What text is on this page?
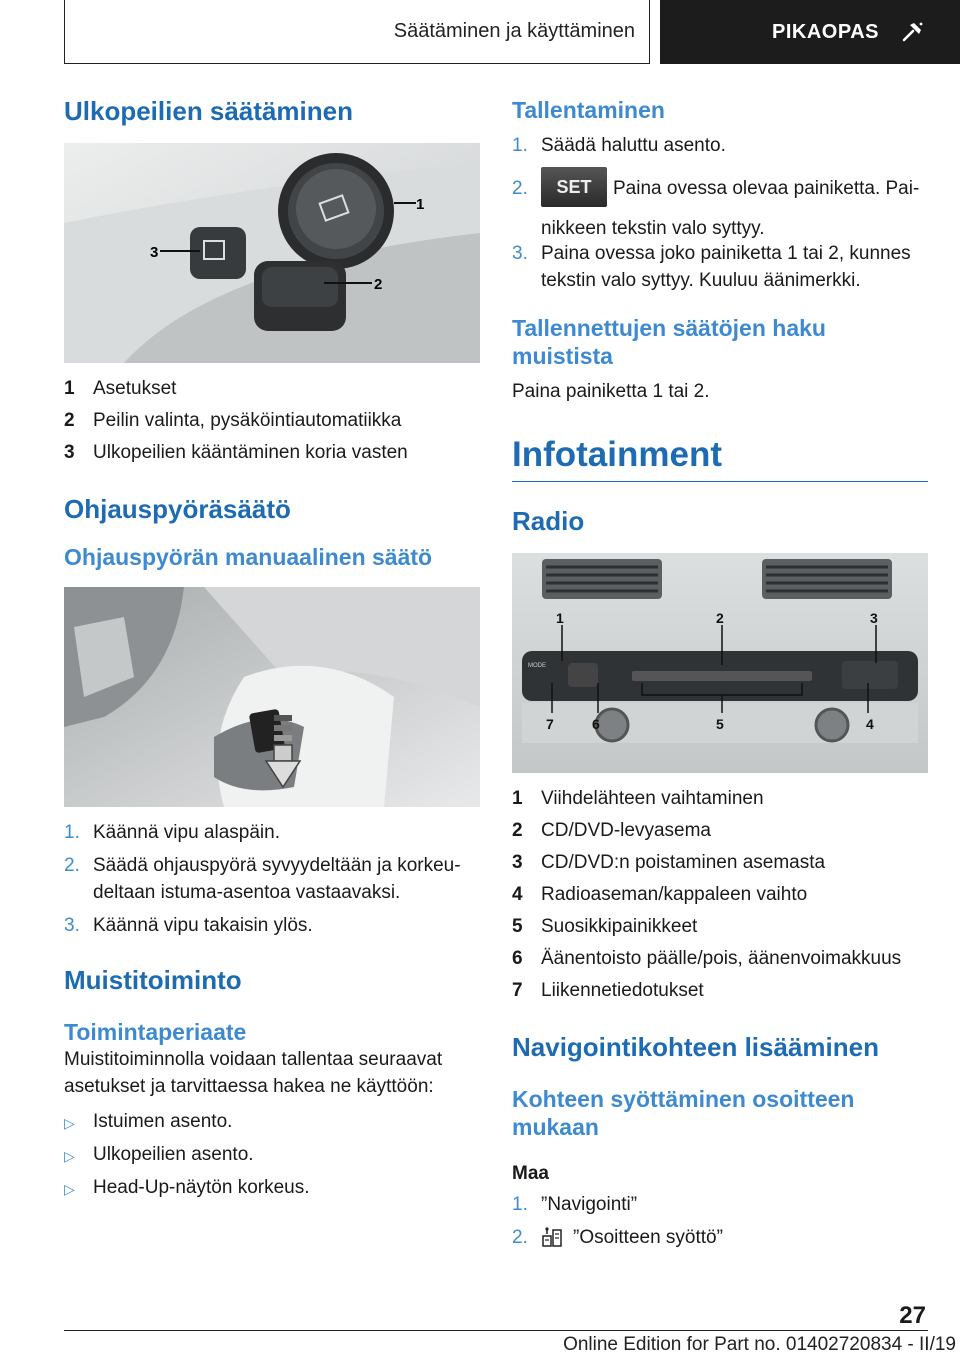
Säätäminen ja käyttäminen	PIKAOPAS
Ulkopeilien säätäminen
1
2
3
1 Asetukset
2 Peilin valinta, pysäköintiautomatiikka
3 Ulkopeilien kääntäminen koria vasten
Ohjauspyöräsäätö
Ohjauspyörän manuaalinen säätö
1. Käännä vipu alaspäin.
2. Säädä ohjauspyörä syvyydeltään ja korkeu-deltaan istuma-asentoa vastaavaksi.
3. Käännä vipu takaisin ylös.
Muistitoiminto
Toimintaperiaate

Muistitoiminnolla voidaan tallentaa seuraavat asetukset ja tarvittaessa hakea ne käyttöön:

▷ Istuimen asento.
▷ Ulkopeilien asento.
▷ Head-Up-näytön korkeus.
Tallentaminen
1. Säädä haluttu asento.
2.	SET Paina ovessa olevaa painiketta. Pai-nikkeen tekstin valo syttyy.
3. Paina ovessa joko painiketta 1 tai 2, kunnes tekstin valo syttyy. Kuuluu äänimerkki.
Tallennettujen säätöjen haku muistista

Paina painiketta 1 tai 2.

Infotainment
Radio
MODE
1	2	3
4
5
6
7
1 Viihdelähteen vaihtaminen
2 CD/DVD-levyasema
3 CD/DVD:n poistaminen asemasta
4 Radioaseman/kappaleen vaihto
5 Suosikkipainikkeet
6 Äänentoisto päälle/pois, äänenvoimakkuus
7 Liikennetiedotukset
Navigointikohteen lisääminen
Kohteen syöttäminen osoitteen mukaan
Maa
1. ”Navigointi”
2.	”Osoitteen syöttö”
27
Online Edition for Part no. 01402720834 - II/19
